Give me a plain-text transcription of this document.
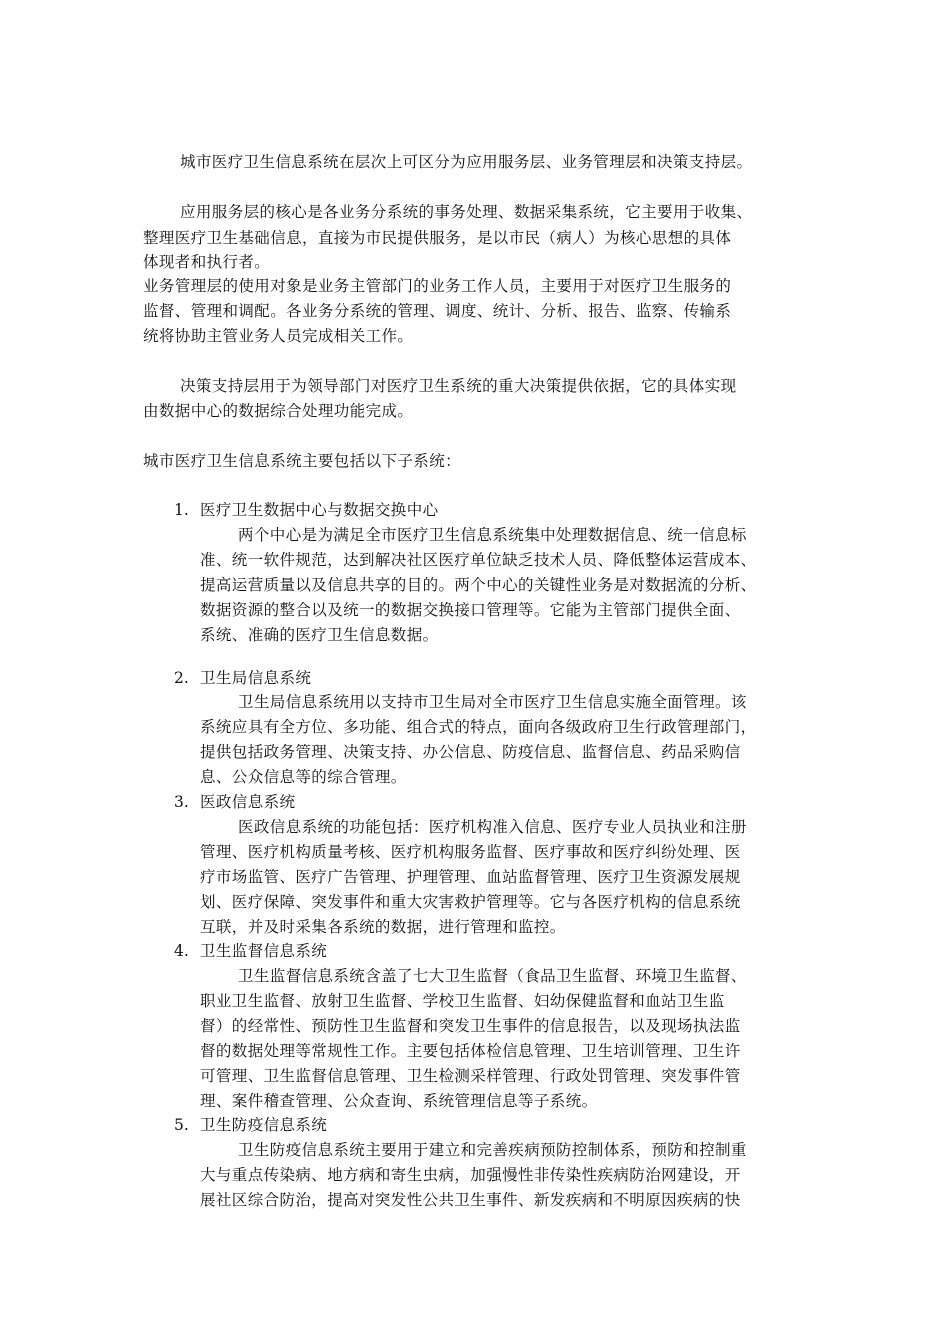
城市医疗卫生信息系统在层次上可区分为应用服务层、业务管理层和决策支持层。
应用服务层的核心是各业务分系统的事务处理、数据采集系统，它主要用于收集、
整理医疗卫生基础信息，直接为市民提供服务，是以市民（病人）为核心思想的具体
体现者和执行者。
业务管理层的使用对象是业务主管部门的业务工作人员，主要用于对医疗卫生服务的
监督、管理和调配。各业务分系统的管理、调度、统计、分析、报告、监察、传输系
统将协助主管业务人员完成相关工作。
决策支持层用于为领导部门对医疗卫生系统的重大决策提供依据，它的具体实现
由数据中心的数据综合处理功能完成。
城市医疗卫生信息系统主要包括以下子系统：
1. 医疗卫生数据中心与数据交换中心
两个中心是为满足全市医疗卫生信息系统集中处理数据信息、统一信息标
准、统一软件规范，达到解决社区医疗单位缺乏技术人员、降低整体运营成本、
提高运营质量以及信息共享的目的。两个中心的关键性业务是对数据流的分析、
数据资源的整合以及统一的数据交换接口管理等。它能为主管部门提供全面、
系统、准确的医疗卫生信息数据。
2. 卫生局信息系统
卫生局信息系统用以支持市卫生局对全市医疗卫生信息实施全面管理。该
系统应具有全方位、多功能、组合式的特点，面向各级政府卫生行政管理部门，
提供包括政务管理、决策支持、办公信息、防疫信息、监督信息、药品采购信
息、公众信息等的综合管理。
3. 医政信息系统
医政信息系统的功能包括：医疗机构准入信息、医疗专业人员执业和注册
管理、医疗机构质量考核、医疗机构服务监督、医疗事故和医疗纠纷处理、医
疗市场监管、医疗广告管理、护理管理、血站监督管理、医疗卫生资源发展规
划、医疗保障、突发事件和重大灾害救护管理等。它与各医疗机构的信息系统
互联，并及时采集各系统的数据，进行管理和监控。
4. 卫生监督信息系统
卫生监督信息系统含盖了七大卫生监督（食品卫生监督、环境卫生监督、
职业卫生监督、放射卫生监督、学校卫生监督、妇幼保健监督和血站卫生监
督）的经常性、预防性卫生监督和突发卫生事件的信息报告，以及现场执法监
督的数据处理等常规性工作。主要包括体检信息管理、卫生培训管理、卫生许
可管理、卫生监督信息管理、卫生检测采样管理、行政处罚管理、突发事件管
理、案件稽查管理、公众查询、系统管理信息等子系统。
5. 卫生防疫信息系统
卫生防疫信息系统主要用于建立和完善疾病预防控制体系，预防和控制重
大与重点传染病、地方病和寄生虫病，加强慢性非传染性疾病防治网建设，开
展社区综合防治，提高对突发性公共卫生事件、新发疾病和不明原因疾病的快
